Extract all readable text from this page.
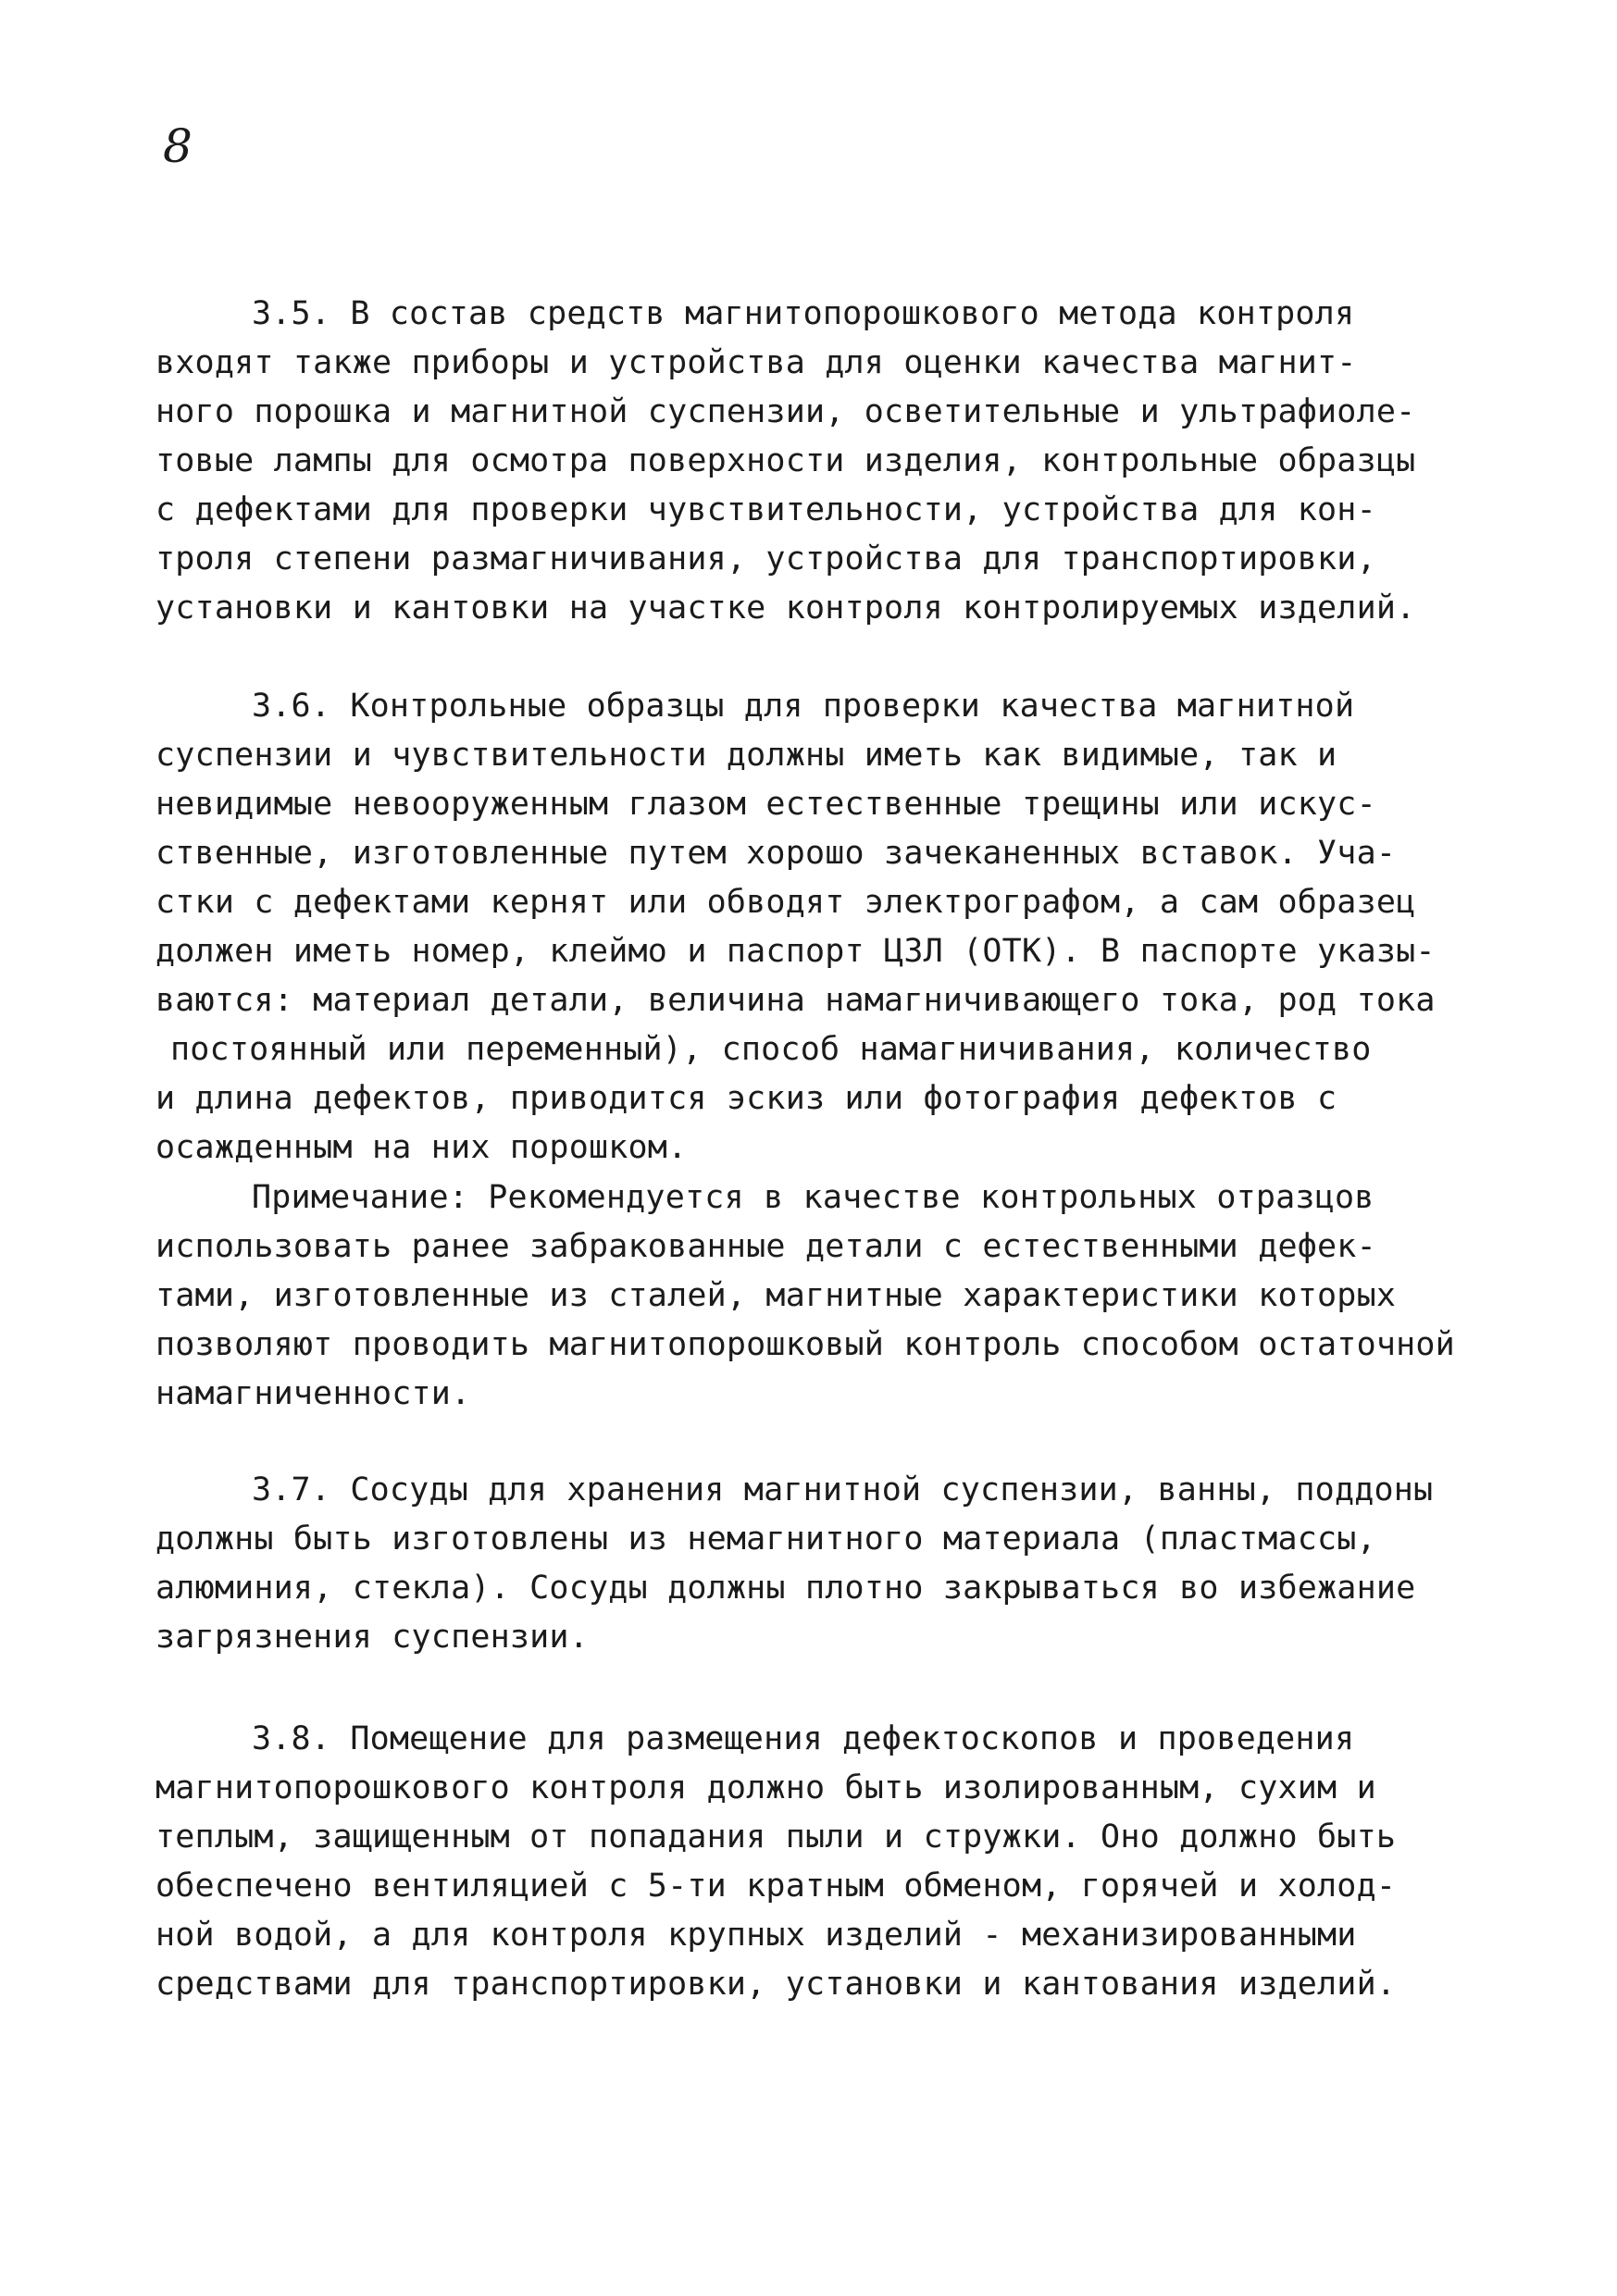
8
3.5. В состав средств магнитопорошкового метода контроля
входят также приборы и устройства для оценки качества магнит-
ного порошка и магнитной суспензии, осветительные и ультрафиоле-
товые лампы для осмотра поверхности изделия, контрольные образцы
с дефектами для проверки чувствительности, устройства для кон-
троля степени размагничивания, устройства для транспортировки,
установки и кантовки на участке контроля контролируемых изделий.
3.6. Контрольные образцы для проверки качества магнитной
суспензии и чувствительности должны иметь как видимые, так и
невидимые невооруженным глазом естественные трещины или искус-
ственные, изготовленные путем хорошо зачеканенных вставок. Уча-
стки с дефектами кернят или обводят электрографом, а сам образец
должен иметь номер, клеймо и паспорт ЦЗЛ (ОТК). В паспорте указы-
ваются: материал детали, величина намагничивающего тока, род тока
постоянный или переменный), способ намагничивания, количество
и длина дефектов, приводится эскиз или фотография дефектов с
осажденным на них порошком.
Примечание: Рекомендуется в качестве контрольных отразцов
использовать ранее забракованные детали с естественными дефек-
тами, изготовленные из сталей, магнитные характеристики которых
позволяют проводить магнитопорошковый контроль способом остаточной
намагниченности.
3.7. Сосуды для хранения магнитной суспензии, ванны, поддоны
должны быть изготовлены из немагнитного материала (пластмассы,
алюминия, стекла). Сосуды должны плотно закрываться во избежание
загрязнения суспензии.
3.8. Помещение для размещения дефектоскопов и проведения
магнитопорошкового контроля должно быть изолированным, сухим и
теплым, защищенным от попадания пыли и стружки. Оно должно быть
обеспечено вентиляцией с 5-ти кратным обменом, горячей и холод-
ной водой, а для контроля крупных изделий - механизированными
средствами для транспортировки, установки и кантования изделий.
